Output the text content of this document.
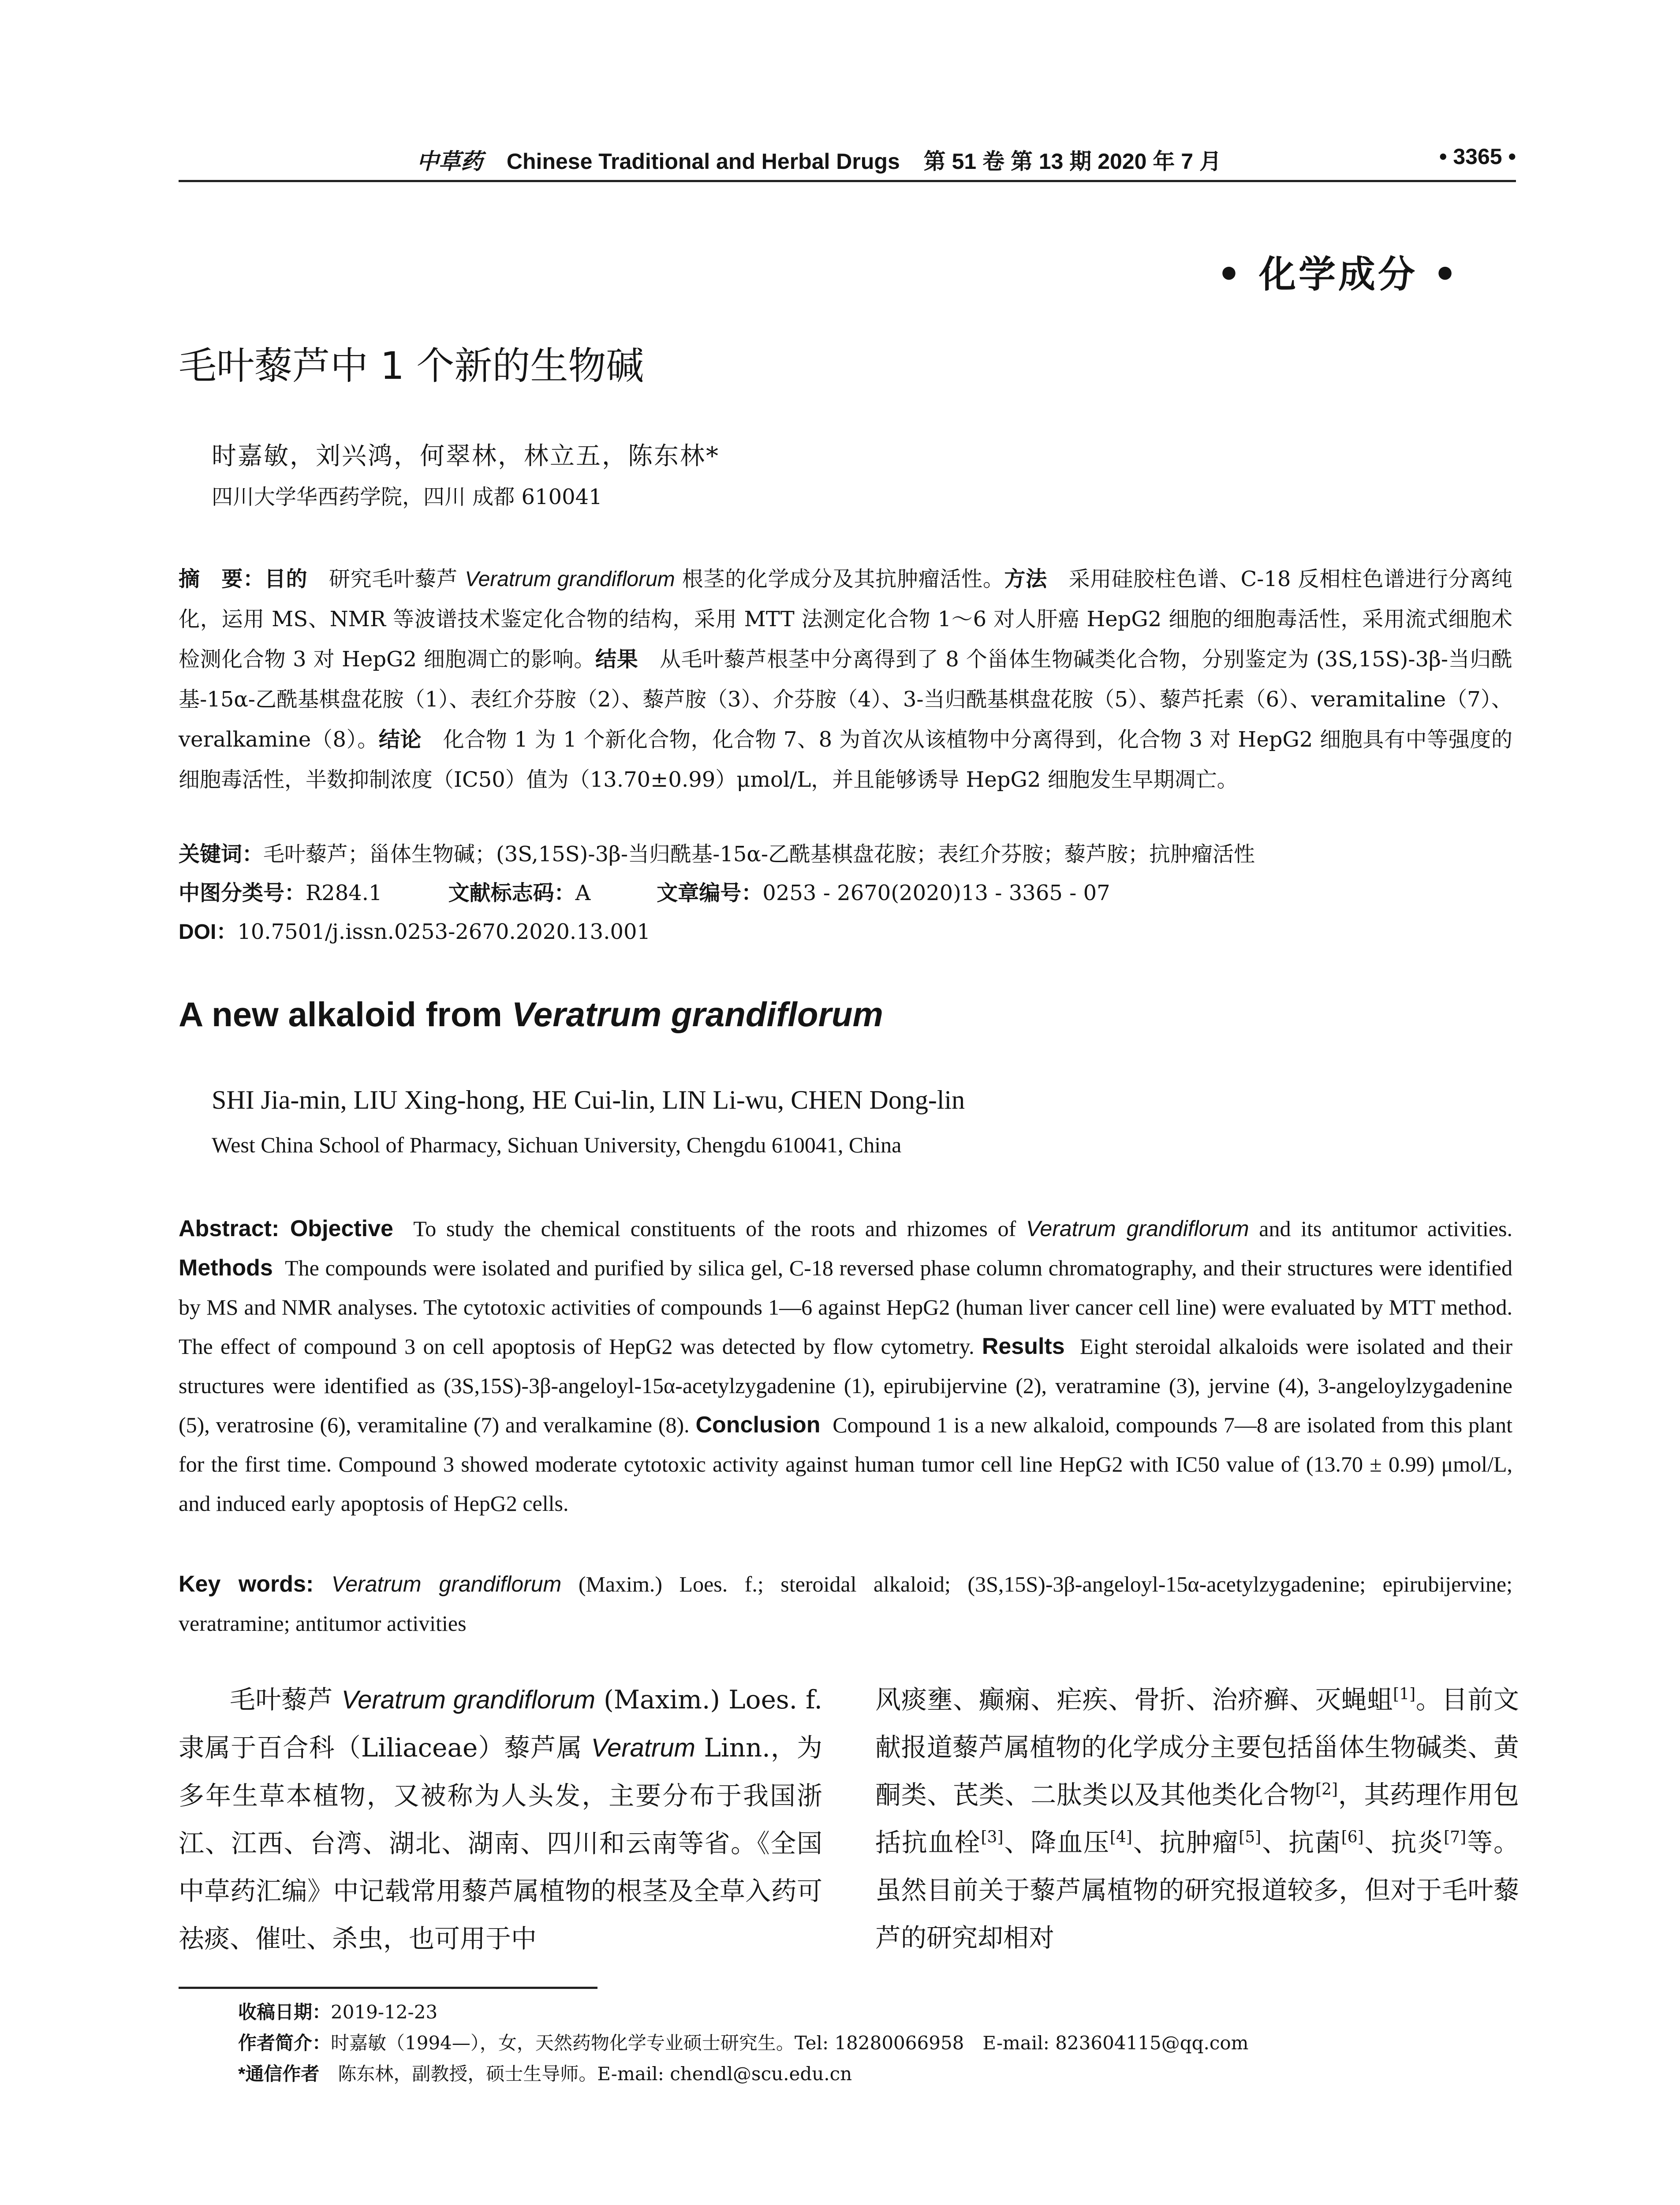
中草药 Chinese Traditional and Herbal Drugs 第 51 卷 第 13 期 2020 年 7 月	• 3365 •
• 化学成分 •
毛叶藜芦中 1 个新的生物碱
时嘉敏，刘兴鸿，何翠林，林立五，陈东林*
四川大学华西药学院，四川 成都 610041
摘　要：目的　 研究毛叶藜芦 Veratrum grandiflorum 根茎的化学成分及其抗肿瘤活性。方法　 采用硅胶柱色谱、C-18 反相柱色谱进行分离纯化，运用 MS、NMR 等波谱技术鉴定化合物的结构，采用 MTT 法测定化合物 1～6 对人肝癌 HepG2 细胞的细胞毒活性，采用流式细胞术检测化合物 3 对 HepG2 细胞凋亡的影响。结果　 从毛叶藜芦根茎中分离得到了 8 个甾体生物碱类化合物，分别鉴定为 (3S,15S)-3β-当归酰基-15α-乙酰基棋盘花胺（1）、表红介芬胺（2）、藜芦胺（3）、介芬胺（4）、3-当归酰基棋盘花胺（5）、藜芦托素（6）、veramitaline（7）、veralkamine（8）。结论　 化合物 1 为 1 个新化合物，化合物 7、8 为首次从该植物中分离得到，化合物 3 对 HepG2 细胞具有中等强度的细胞毒活性，半数抑制浓度（IC50）值为（13.70±0.99）μmol/L，并且能够诱导 HepG2 细胞发生早期凋亡。
关键词：毛叶藜芦；甾体生物碱；(3S,15S)-3β-当归酰基-15α-乙酰基棋盘花胺；表红介芬胺；藜芦胺；抗肿瘤活性
中图分类号：R284.1	文献标志码：A	文章编号：0253 - 2670(2020)13 - 3365 - 07
DOI：10.7501/j.issn.0253-2670.2020.13.001
A new alkaloid from Veratrum grandiflorum
SHI Jia-min, LIU Xing-hong, HE Cui-lin, LIN Li-wu, CHEN Dong-lin
West China School of Pharmacy, Sichuan University, Chengdu 610041, China
Abstract: Objective To study the chemical constituents of the roots and rhizomes of Veratrum grandiflorum and its antitumor activities. Methods The compounds were isolated and purified by silica gel, C-18 reversed phase column chromatography, and their structures were identified by MS and NMR analyses. The cytotoxic activities of compounds 1—6 against HepG2 (human liver cancer cell line) were evaluated by MTT method. The effect of compound 3 on cell apoptosis of HepG2 was detected by flow cytometry. Results Eight steroidal alkaloids were isolated and their structures were identified as (3S,15S)-3β-angeloyl-15α-acetylzygadenine (1), epirubijervine (2), veratramine (3), jervine (4), 3-angeloylzygadenine (5), veratrosine (6), veramitaline (7) and veralkamine (8). Conclusion Compound 1 is a new alkaloid, compounds 7—8 are isolated from this plant for the first time. Compound 3 showed moderate cytotoxic activity against human tumor cell line HepG2 with IC50 value of (13.70 ± 0.99) μmol/L, and induced early apoptosis of HepG2 cells.
Key words: Veratrum grandiflorum (Maxim.) Loes. f.; steroidal alkaloid; (3S,15S)-3β-angeloyl-15α-acetylzygadenine; epirubijervine; veratramine; antitumor activities
毛叶藜芦 Veratrum grandiflorum (Maxim.) Loes. f. 隶属于百合科（Liliaceae）藜芦属 Veratrum Linn.，为多年生草本植物，又被称为人头发，主要分布于我国浙江、江西、台湾、湖北、湖南、四川和云南等省。《全国中草药汇编》中记载常用藜芦属植物的根茎及全草入药可祛痰、催吐、杀虫，也可用于中
风痰壅、癫痫、疟疾、骨折、治疥癣、灭蝇蛆[1]。目前文献报道藜芦属植物的化学成分主要包括甾体生物碱类、黄酮类、芪类、二肽类以及其他类化合物[2]，其药理作用包括抗血栓[3]、降血压[4]、抗肿瘤[5]、抗菌[6]、抗炎[7]等。虽然目前关于藜芦属植物的研究报道较多，但对于毛叶藜芦的研究却相对
收稿日期：2019-12-23
作者简介：时嘉敏（1994—），女，天然药物化学专业硕士研究生。Tel: 18280066958　E-mail: 823604115@qq.com
*通信作者　陈东林，副教授，硕士生导师。E-mail: chendl@scu.edu.cn
